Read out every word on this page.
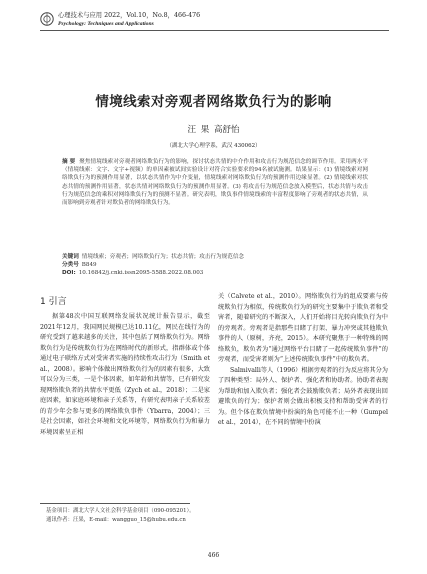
心理技术与应用 2022，Vol.10，No.8，466-476
Psychology: Techniques and Applications
情境线索对旁观者网络欺负行为的影响
汪 果 高舒怡
（湖北大学心理学系，武汉 430062）
摘 要 聚焦情境线索对旁观者网络欺负行为的影响，探讨状态共情的中介作用和攻击行为规范信念的调节作用。采用两水平（情境线索：文字、文字+视频）的单因素被试间实验设计对符合实验要求的94名被试施测。结果显示：(1) 情境线索对网络欺负行为的预测作用显著，以状态共情作为中介变量，情境线索对网络欺负行为的预测作用边缘显著。(2) 情境线索对状态共情的预测作用显著，状态共情对网络欺负行为的预测作用显著。(3) 将攻击行为规范信念放入模型后，状态共情与攻击行为规范信念的乘积对网络欺负行为的预测不显著。研究表明，欺负事件情境线索的丰富程度影响了旁观者的状态共情，从而影响到旁观者针对欺负者的网络欺负行为。
关键词 情境线索；旁观者；网络欺负行为；状态共情；攻击行为规范信念
分类号 B849
DOI: 10.16842/j.cnki.issn2095-5588.2022.08.003
1 引言
据第48次中国互联网络发展状况统计报告显示，截至2021年12月，我国网民规模已达10.11亿，网民在线行为的研究受到了越来越多的关注，其中包括了网络欺负行为。网络欺负行为是传统欺负行为在网络时代的新形式，指群体或个体通过电子联络方式对受害者实施的持续性攻击行为（Smith et al.，2008）。影响个体做出网络欺负行为的因素有很多，大致可以分为三类，一是个体因素，如年龄和共情等，已有研究发现网络欺负者的共情水平更低（Zych et al.，2018）；二是家庭因素，如家庭环境和亲子关系等，有研究表明亲子关系较差的青少年会参与更多的网络欺负事件（Ybarra，2004）；三是社会因素，如社会环境和文化环境等，网络欺负行为和暴力环境因素呈正相

关（Calvete et al.，2010）。网络欺负行为的组成要素与传统欺负行为相似，传统欺负行为的研究主要集中于欺负者和受害者，随着研究的不断深入，人们开始将目光转向欺负行为中的旁观者。旁观者是指那些目睹了打架、暴力冲突或其他欺负事件的人（原树，齐亮，2015）。本研究聚焦于一种特殊的网络欺负，欺负者为“通过网络平台目睹了一起传统欺负事件”的旁观者，而受害者则为“上述传统欺负事件”中的欺负者。

Salmivalli等人（1996）根据旁观者的行为反应将其分为了四种类型：局外人、保护者、强化者和协助者。协助者表现为帮助和加入欺负者；强化者会鼓励欺负者；局外者表现出回避欺负的行为；保护者则会做出积极支持和帮助受害者的行为。但个体在欺负情境中扮演的角色可能不止一种（Gumpel et al.，2014），在不同的情境中扮演

基金项目：湖北大学人文社会科学基金项目（090-095201）。
通讯作者：汪果，E-mail：wangguo_15@hubu.edu.cn
466
